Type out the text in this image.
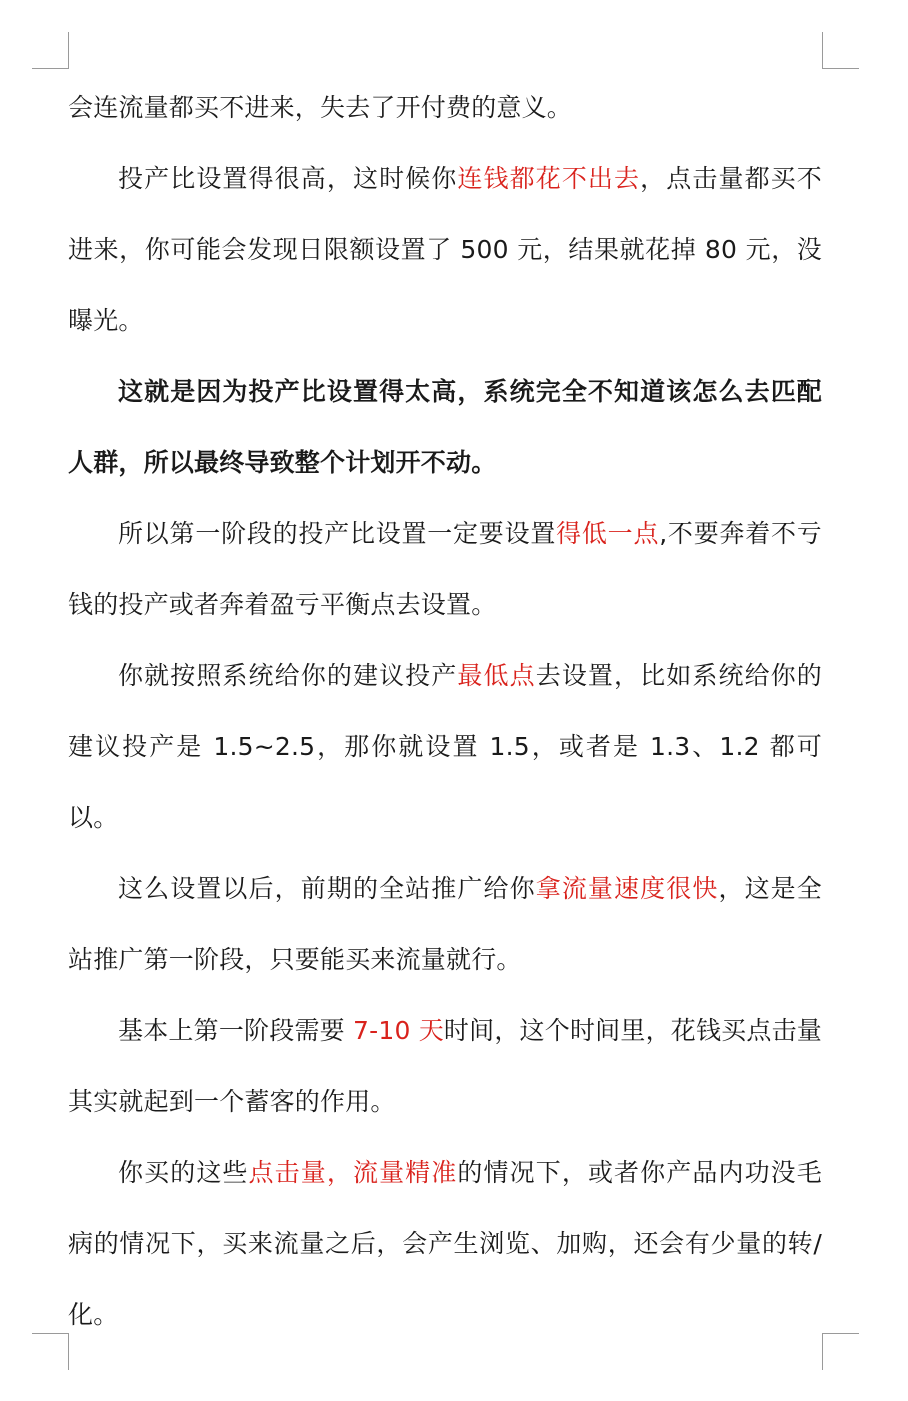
会连流量都买不进来，失去了开付费的意义。

投产比设置得很高，这时候你连钱都花不出去，点击量都买不进来，你可能会发现日限额设置了 500 元，结果就花掉 80 元，没曝光。

这就是因为投产比设置得太高，系统完全不知道该怎么去匹配人群，所以最终导致整个计划开不动。

所以第一阶段的投产比设置一定要设置得低一点,不要奔着不亏钱的投产或者奔着盈亏平衡点去设置。

你就按照系统给你的建议投产最低点去设置，比如系统给你的建议投产是 1.5~2.5，那你就设置 1.5，或者是 1.3、1.2 都可以。

这么设置以后，前期的全站推广给你拿流量速度很快，这是全站推广第一阶段，只要能买来流量就行。

基本上第一阶段需要 7-10 天时间，这个时间里，花钱买点击量其实就起到一个蓄客的作用。

你买的这些点击量，流量精准的情况下，或者你产品内功没毛病的情况下，买来流量之后，会产生浏览、加购，还会有少量的转/化。
